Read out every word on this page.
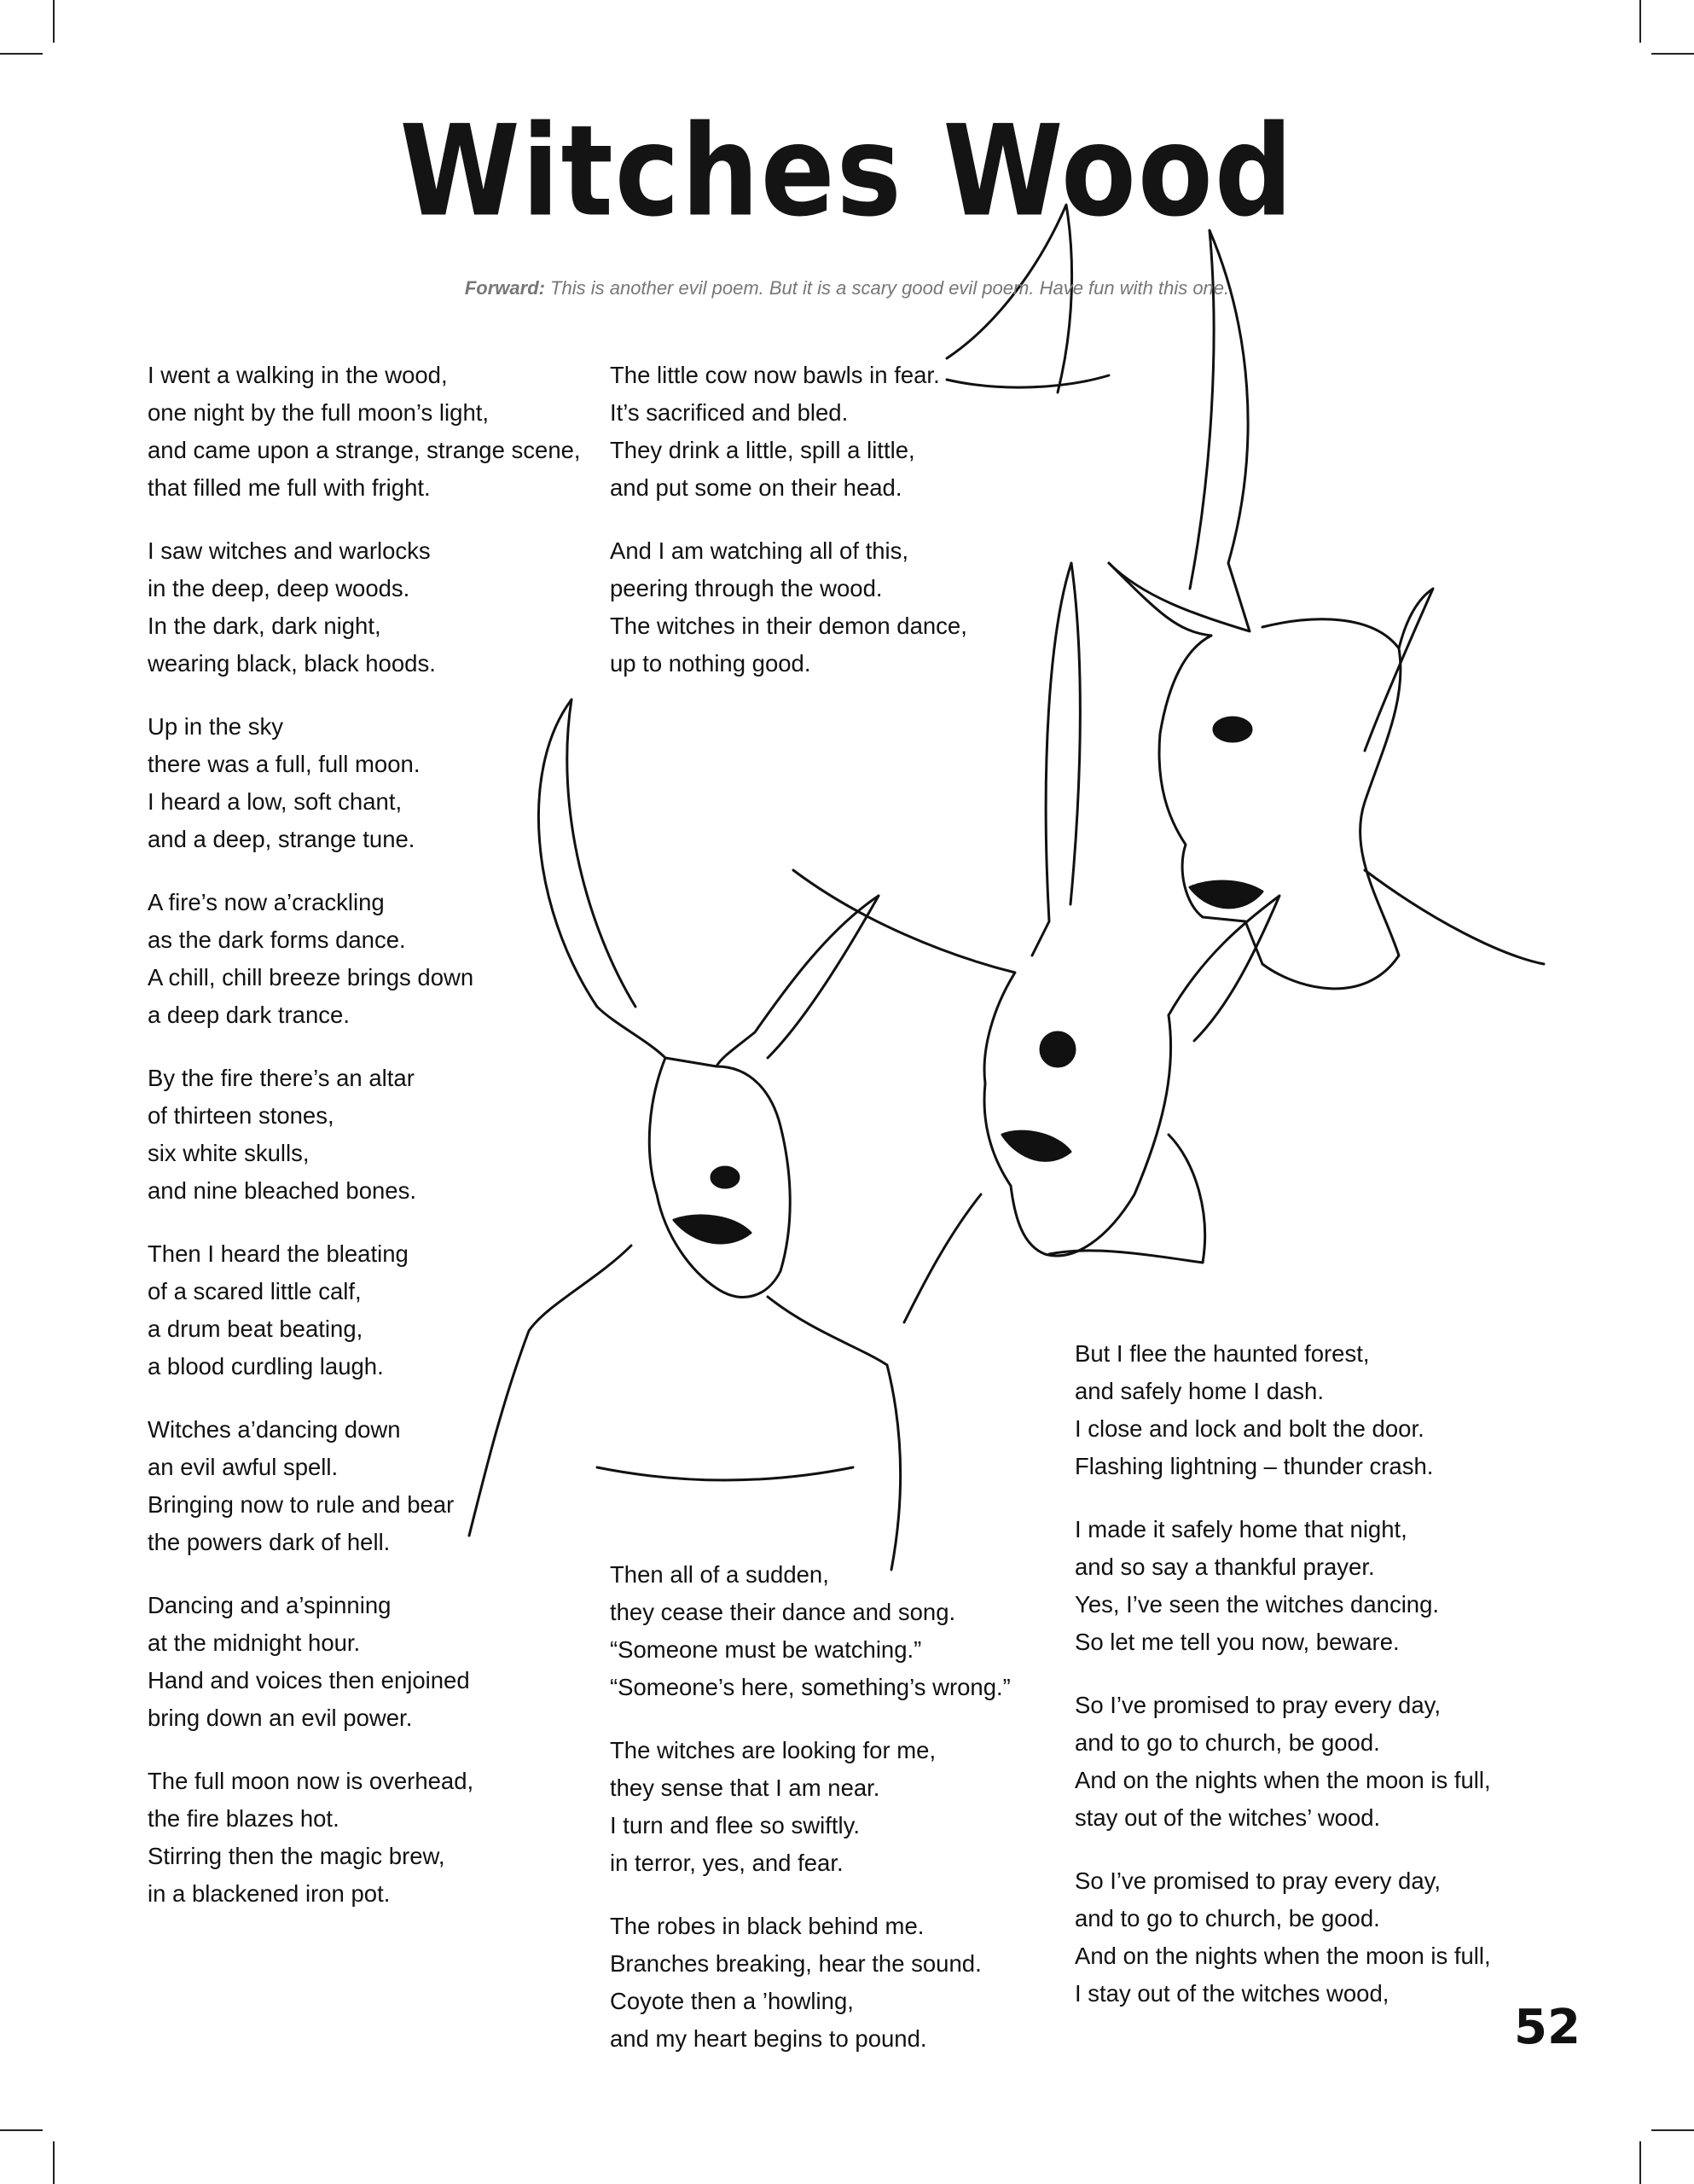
Witches Wood
Forward: This is another evil poem. But it is a scary good evil poem. Have fun with this one.
I went a walking in the wood,
one night by the full moon’s light,
and came upon a strange, strange scene,
that filled me full with fright.
I saw witches and warlocks
in the deep, deep woods.
In the dark, dark night,
wearing black, black hoods.
Up in the sky
there was a full, full moon.
I heard a low, soft chant,
and a deep, strange tune.
A fire’s now a’crackling
as the dark forms dance.
A chill, chill breeze brings down
a deep dark trance.
By the fire there’s an altar
of thirteen stones,
six white skulls,
and nine bleached bones.
Then I heard the bleating
of a scared little calf,
a drum beat beating,
a blood curdling laugh.
Witches a’dancing down
an evil awful spell.
Bringing now to rule and bear
the powers dark of hell.
Dancing and a’spinning
at the midnight hour.
Hand and voices then enjoined
bring down an evil power.
The full moon now is overhead,
the fire blazes hot.
Stirring then the magic brew,
in a blackened iron pot.
The little cow now bawls in fear.
It’s sacrificed and bled.
They drink a little, spill a little,
and put some on their head.
And I am watching all of this,
peering through the wood.
The witches in their demon dance,
up to nothing good.
Then all of a sudden,
they cease their dance and song.
“Someone must be watching.”
“Someone’s here, something’s wrong.”
The witches are looking for me,
they sense that I am near.
I turn and flee so swiftly.
in terror, yes, and fear.
The robes in black behind me.
Branches breaking, hear the sound.
Coyote then a ’howling,
and my heart begins to pound.
But I flee the haunted forest,
and safely home I dash.
I close and lock and bolt the door.
Flashing lightning – thunder crash.
I made it safely home that night,
and so say a thankful prayer.
Yes, I’ve seen the witches dancing.
So let me tell you now, beware.
So I’ve promised to pray every day,
and to go to church, be good.
And on the nights when the moon is full,
stay out of the witches’ wood.
So I’ve promised to pray every day,
and to go to church, be good.
And on the nights when the moon is full,
I stay out of the witches wood,
52
